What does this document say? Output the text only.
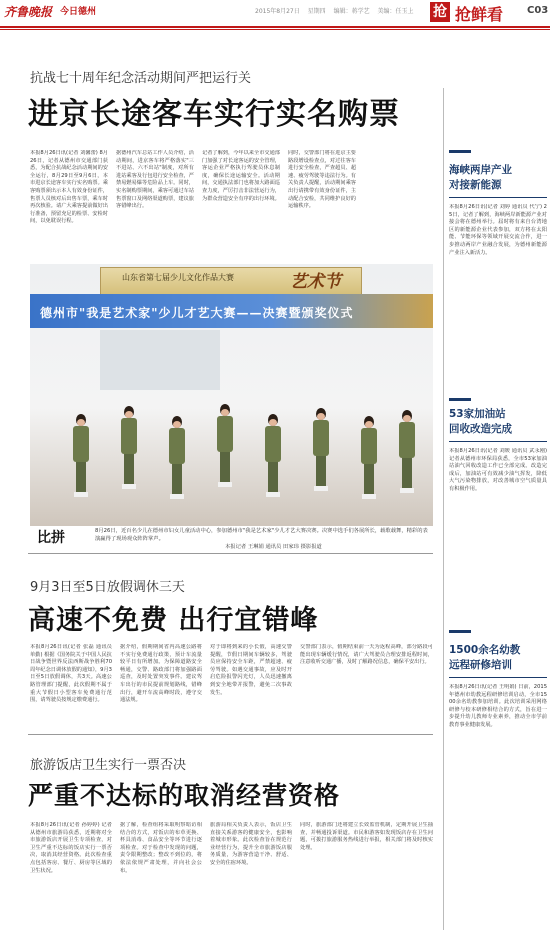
齐鲁晚报 今日德州	2015年8月27日 星期四 编辑：蒋学艺 美编：任玉上	抢 抢鲜看 C03
抗战七十周年纪念活动期间严把运行关
进京长途客车实行实名购票
本报8月26日讯(记者 刘馨蕾) 8月26日，记者从德州市交通部门获悉，为配合抗战纪念活动期间的安全运行，8月29日至9月6日，本市进京长途客车实行实名购票。乘客购票须出示本人有效身份证件，售票人员核对后出售车票，乘车时再次核验。请广大乘客提前做好出行准备，预留充足的检票、安检时间，以免耽误行程。
据德州汽车总站工作人员介绍，活动期间，进京客车将严格落实"三不进站、六不出站"制度，对所有进站乘客及行包进行安全检查，严禁易燃易爆等危险品上车。同时，实名制购票期间，乘客可通过车站售票窗口及网络渠道购票，建议旅客错峰出行。
记者了解到，今年以来全市交通部门加强了对长途客运的安全管理，客运企业严格执行驾驶员休息制度，确保长途运输安全。活动期间，交通执法部门也将加大路面巡查力度，严厉打击非法营运行为，为群众营造安全有序的出行环境。
同时，交警部门将在进京主要路段增设检查点，对过往客车进行安全检查，严查超员、超速、疲劳驾驶等违法行为。有关负责人提醒，活动期间乘客出行请携带有效身份证件，主动配合安检，共同维护良好的运输秩序。
山东省第七届少儿文化作品大赛	艺术节
德州市"我是艺术家"少儿才艺大赛——决赛暨颁奖仪式
比拼	8月26日，近百名少儿在德州市妇女儿童活动中心，参加德州市"我是艺术家"少儿才艺大赛决赛。决赛中选手们各展所长，载歌载舞，精彩的表演赢得了现场观众阵阵掌声。
本报记者 王琳娟 通讯员 田家玮 摄影报道
9月3日至5日放假调休三天
高速不免费 出行宜错峰
本报8月26日讯(记者 张磊 通讯员 单勤) 根据《国务院关于中国人民抗日战争暨世界反法西斯战争胜利70周年纪念日调休放假的通知》，9月3日至5日放假调休，共3天。高速公路管理部门提醒，此次假期不属于重大节假日小型客车免费通行范围，请驾驶员按规定缴费通行。
据介绍，假期期间省内高速公路将不实行免费通行政策，预计车流量较平日有所增加。为保障道路安全畅通，交警、路政部门将加强路面巡查，及时处置突发事件。建议驾车出行的市民提前规划路线，错峰出行，避开车流高峰时段，遵守交通法规。
对于即将到来的小长假，高速交警提醒，节假日期间车辆较多，驾驶员应保持安全车距，严禁超速、疲劳驾驶。如遇交通事故，应及时开启危险报警闪光灯，人员迅速撤离到安全地带并报警，避免二次事故发生。
交警部门表示，假期结束前一天为返程高峰，部分路段可能出现车辆缓行情况，请广大驾驶员合理安排返程时间，注意收听交通广播，及时了解路况信息，确保平安出行。
旅游饭店卫生实行一票否决
严重不达标的取消经营资格
本报8月26日讯(记者 孙婷婷) 记者从德州市旅游局获悉，近期将对全市旅游饭店开展卫生专项检查，对卫生严重不达标的饭店实行一票否决，取消其经营资格。此次检查重点包括客房、餐厅、厨房等区域的卫生状况。
据了解，检查组将采取明察暗访相结合的方式，对饭店的布草更换、杯具消毒、食品安全等环节进行逐项检查。对于检查中发现的问题，责令限期整改；整改不到位的，将依法依规严肃处理，并向社会公布。
旅游局相关负责人表示，饭店卫生直接关系游客的健康安全，也影响着城市形象。此次检查旨在规范行业经营行为，提升全市旅游饭店服务质量，为游客营造干净、舒适、安全的住宿环境。
同时，旅游部门还将建立长效监管机制，定期开展卫生抽查，并畅通投诉渠道。市民和游客如发现饭店存在卫生问题，可拨打旅游服务热线进行举报，相关部门将及时核实处理。
海峡两岸产业
对接新能源
本报8月26日讯(记者 刘婷 通讯员 代宁) 25日，记者了解到，海峡两岸新能源产业对接会将在德州举行。届时将有来自台湾地区的新能源企业代表参加，双方将在太阳能、节能环保等领域开展交流合作，进一步推动两岸产业融合发展，为德州新能源产业注入新活力。
53家加油站
回收改造完成
本报8月26日讯(记者 刘媛 通讯员 武永刚) 记者从德州市环保局获悉，全市53家加油站油气回收改造工作已全部完成。改造完成后，加油站可有效减少油气挥发，降低大气污染物排放，对改善城市空气质量具有积极作用。
1500余名幼教
远程研修培训
本报8月26日讯(记者 王明娟) 日前，2015年德州市幼教远程研修培训启动，全市1500余名幼教参加培训。此次培训采用网络研修与校本研修相结合的方式，旨在进一步提升幼儿教师专业素养，推动全市学前教育事业健康发展。
